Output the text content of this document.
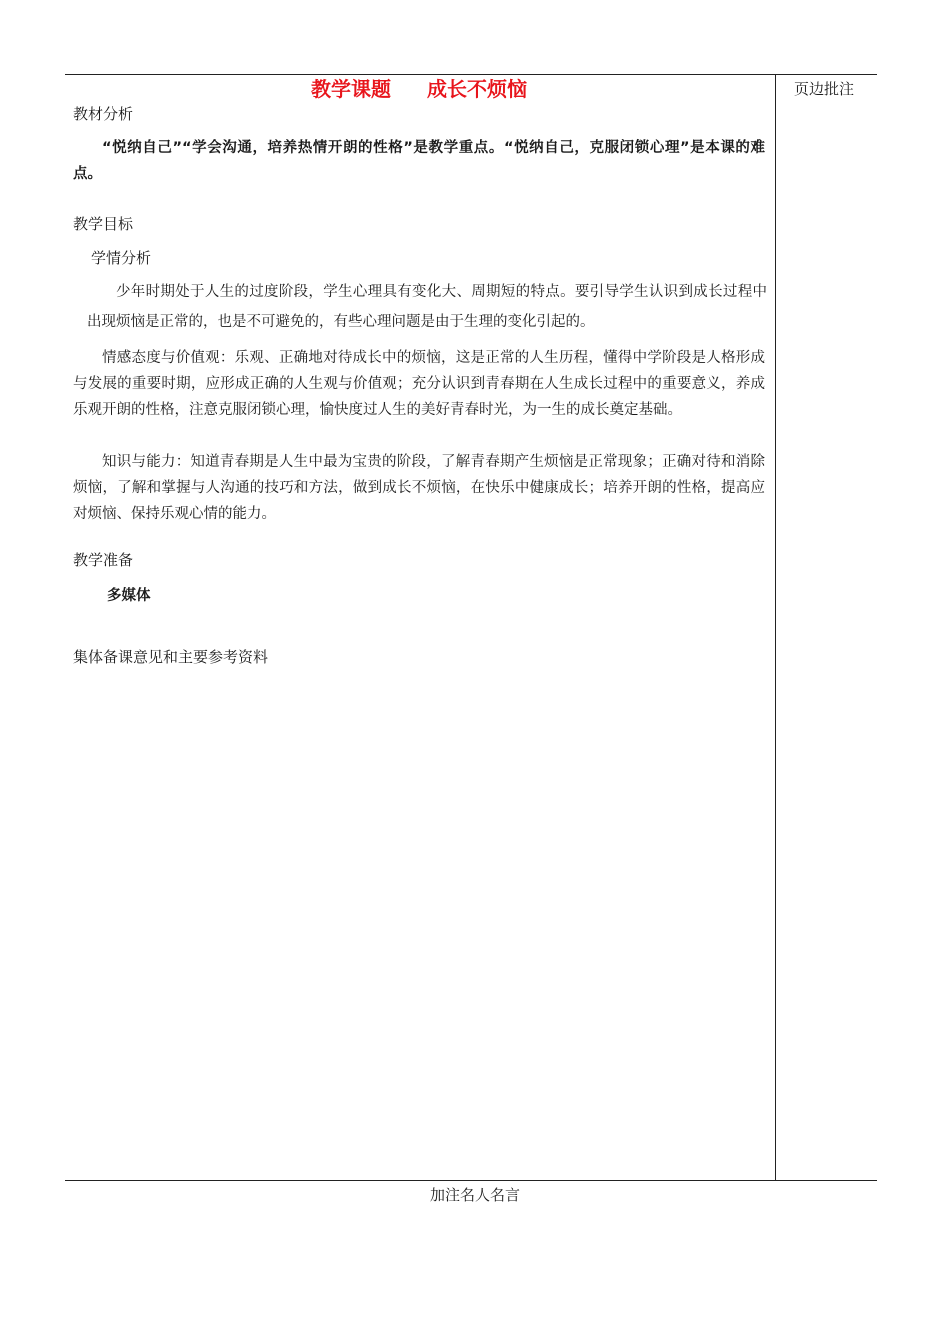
页边批注
教学课题 成长不烦恼
教材分析
“悦纳自己”“学会沟通，培养热情开朗的性格”是教学重点。“悦纳自己，克服闭锁心理”是本课的难点。
教学目标
学情分析
少年时期处于人生的过度阶段，学生心理具有变化大、周期短的特点。要引导学生认识到成长过程中出现烦恼是正常的，也是不可避免的，有些心理问题是由于生理的变化引起的。
情感态度与价值观：乐观、正确地对待成长中的烦恼，这是正常的人生历程，懂得中学阶段是人格形成与发展的重要时期，应形成正确的人生观与价值观；充分认识到青春期在人生成长过程中的重要意义，养成乐观开朗的性格，注意克服闭锁心理，愉快度过人生的美好青春时光，为一生的成长奠定基础。
知识与能力：知道青春期是人生中最为宝贵的阶段，了解青春期产生烦恼是正常现象；正确对待和消除烦恼，了解和掌握与人沟通的技巧和方法，做到成长不烦恼，在快乐中健康成长；培养开朗的性格，提高应对烦恼、保持乐观心情的能力。
教学准备
多媒体
集体备课意见和主要参考资料
加注名人名言
